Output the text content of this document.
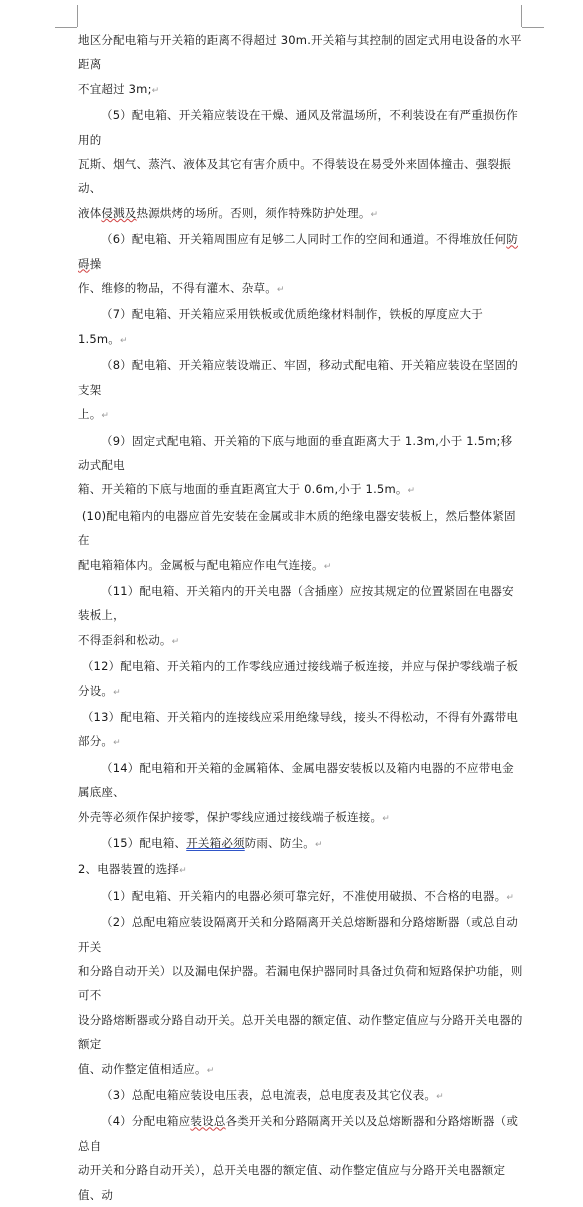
地区分配电箱与开关箱的距离不得超过 30m.开关箱与其控制的固定式用电设备的水平距离

不宜超过 3m;↵

（5）配电箱、开关箱应装设在干燥、通风及常温场所，不利装设在有严重损伤作用的

瓦斯、烟气、蒸汽、液体及其它有害介质中。不得装设在易受外来固体撞击、强裂振动、

液体侵溅及热源烘烤的场所。否则，须作特殊防护处理。↵

（6）配电箱、开关箱周围应有足够二人同时工作的空间和通道。不得堆放任何防碍操

作、维修的物品，不得有灌木、杂草。↵

（7）配电箱、开关箱应采用铁板或优质绝缘材料制作，铁板的厚度应大于 1.5m。↵

（8）配电箱、开关箱应装设端正、牢固，移动式配电箱、开关箱应装设在坚固的支架

上。↵

（9）固定式配电箱、开关箱的下底与地面的垂直距离大于 1.3m,小于 1.5m;移动式配电

箱、开关箱的下底与地面的垂直距离宜大于 0.6m,小于 1.5m。↵

(10)配电箱内的电器应首先安装在金属或非木质的绝缘电器安装板上，然后整体紧固在

配电箱箱体内。金属板与配电箱应作电气连接。↵

（11）配电箱、开关箱内的开关电器（含插座）应按其规定的位置紧固在电器安装板上，

不得歪斜和松动。↵

（12）配电箱、开关箱内的工作零线应通过接线端子板连接，并应与保护零线端子板分设。↵

（13）配电箱、开关箱内的连接线应采用绝缘导线，接头不得松动，不得有外露带电部分。↵

（14）配电箱和开关箱的金属箱体、金属电器安装板以及箱内电器的不应带电金属底座、

外壳等必须作保护接零，保护零线应通过接线端子板连接。↵

（15）配电箱、开关箱必须防雨、防尘。↵

2、电器装置的选择↵

（1）配电箱、开关箱内的电器必须可靠完好，不准使用破损、不合格的电器。↵

（2）总配电箱应装设隔离开关和分路隔离开关总熔断器和分路熔断器（或总自动开关

和分路自动开关）以及漏电保护器。若漏电保护器同时具备过负荷和短路保护功能，则可不

设分路熔断器或分路自动开关。总开关电器的额定值、动作整定值应与分路开关电器的额定

值、动作整定值相适应。↵

（3）总配电箱应装设电压表，总电流表，总电度表及其它仪表。↵

（4）分配电箱应装设总各类开关和分路隔离开关以及总熔断器和分路熔断器（或总自

动开关和分路自动开关），总开关电器的额定值、动作整定值应与分路开关电器额定值、动
